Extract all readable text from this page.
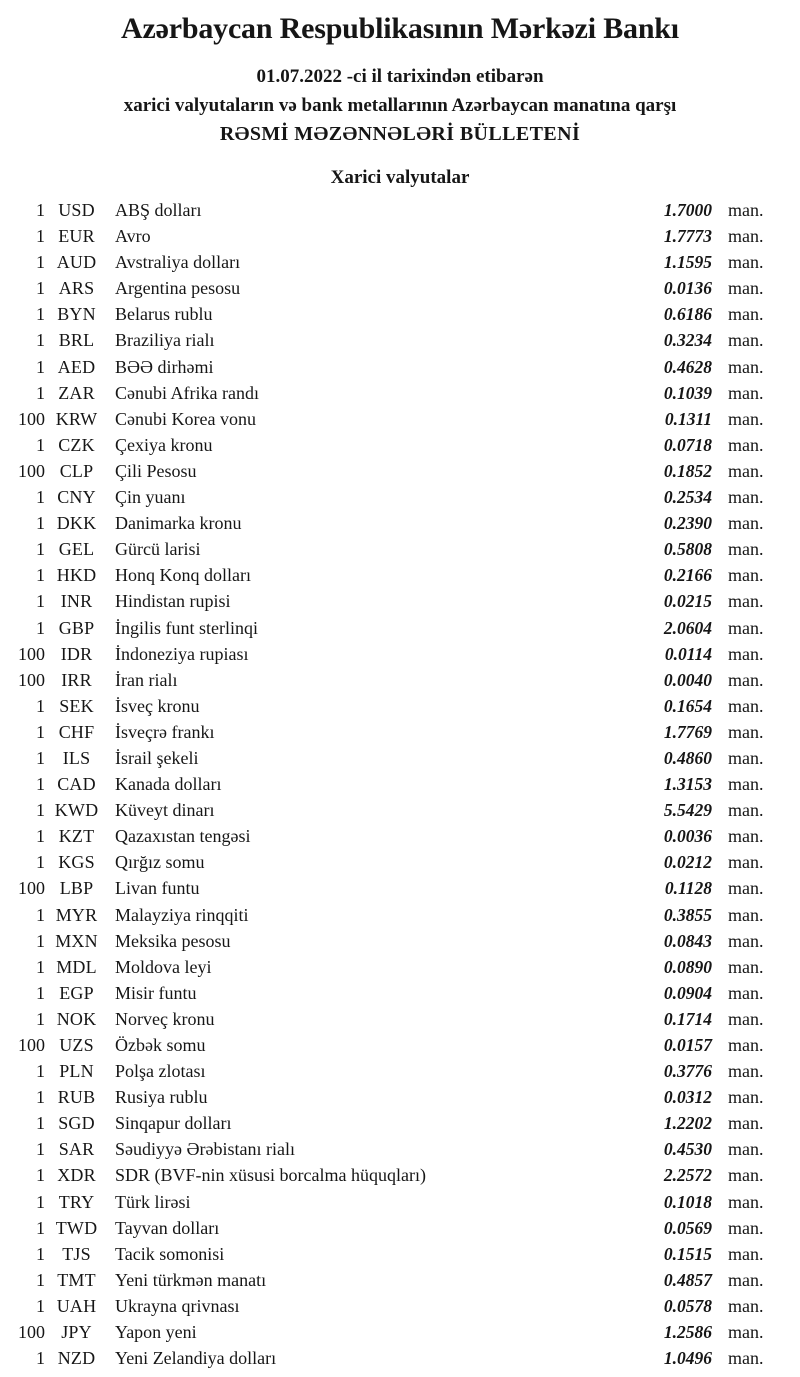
Azərbaycan Respublikasının Mərkəzi Bankı
01.07.2022 -ci il tarixindən etibarən
xarici valyutaların və bank metallarının Azərbaycan manatına qarşı
RƏSMİ MƏZƏNNƏLƏRİ BÜLLETENİ
Xarici valyutalar
1 USD	ABŞ dolları	1.7000 man.
1 EUR	Avro	1.7773 man.
1 AUD	Avstraliya dolları	1.1595 man.
1 ARS	Argentina pesosu	0.0136 man.
1 BYN	Belarus rublu	0.6186 man.
1 BRL	Braziliya rialı	0.3234 man.
1 AED	BƏƏ dirhəmi	0.4628 man.
1 ZAR	Cənubi Afrika randı	0.1039 man.
100 KRW Cənubi Korea vonu	0.1311 man.
1 CZK	Çexiya kronu	0.0718 man.
100 CLP	Çili Pesosu	0.1852 man.
1 CNY	Çin yuanı	0.2534 man.
1 DKK	Danimarka kronu	0.2390 man.
1 GEL	Gürcü larisi	0.5808 man.
1 HKD	Honq Konq dolları	0.2166 man.
1 INR	Hindistan rupisi	0.0215 man.
1 GBP	İngilis funt sterlinqi	2.0604 man.
100 IDR	İndoneziya rupiası	0.0114 man.
100 IRR	İran rialı	0.0040 man.
1 SEK	İsveç kronu	0.1654 man.
1 CHF	İsveçrə frankı	1.7769 man.
1 ILS	İsrail şekeli	0.4860 man.
1 CAD	Kanada dolları	1.3153 man.
1 KWD Küveyt dinarı	5.5429 man.
1 KZT	Qazaxıstan tengəsi	0.0036 man.
1 KGS	Qırğız somu	0.0212 man.
100 LBP	Livan funtu	0.1128 man.
1 MYR Malayziya rinqqiti	0.3855 man.
1 MXN Meksika pesosu	0.0843 man.
1 MDL	Moldova leyi	0.0890 man.
1 EGP	Misir funtu	0.0904 man.
1 NOK	Norveç kronu	0.1714 man.
100 UZS	Özbək somu	0.0157 man.
1 PLN	Polşa zlotası	0.3776 man.
1 RUB	Rusiya rublu	0.0312 man.
1 SGD	Sinqapur dolları	1.2202 man.
1 SAR	Səudiyyə Ərəbistanı rialı	0.4530 man.
1 XDR	SDR (BVF-nin xüsusi borcalma hüquqları)	2.2572 man.
1 TRY	Türk lirəsi	0.1018 man.
1 TWD Tayvan dolları	0.0569 man.
1 TJS	Tacik somonisi	0.1515 man.
1 TMT	Yeni türkmən manatı	0.4857 man.
1 UAH	Ukrayna qrivnası	0.0578 man.
100 JPY	Yapon yeni	1.2586 man.
1 NZD	Yeni Zelandiya dolları	1.0496 man.
